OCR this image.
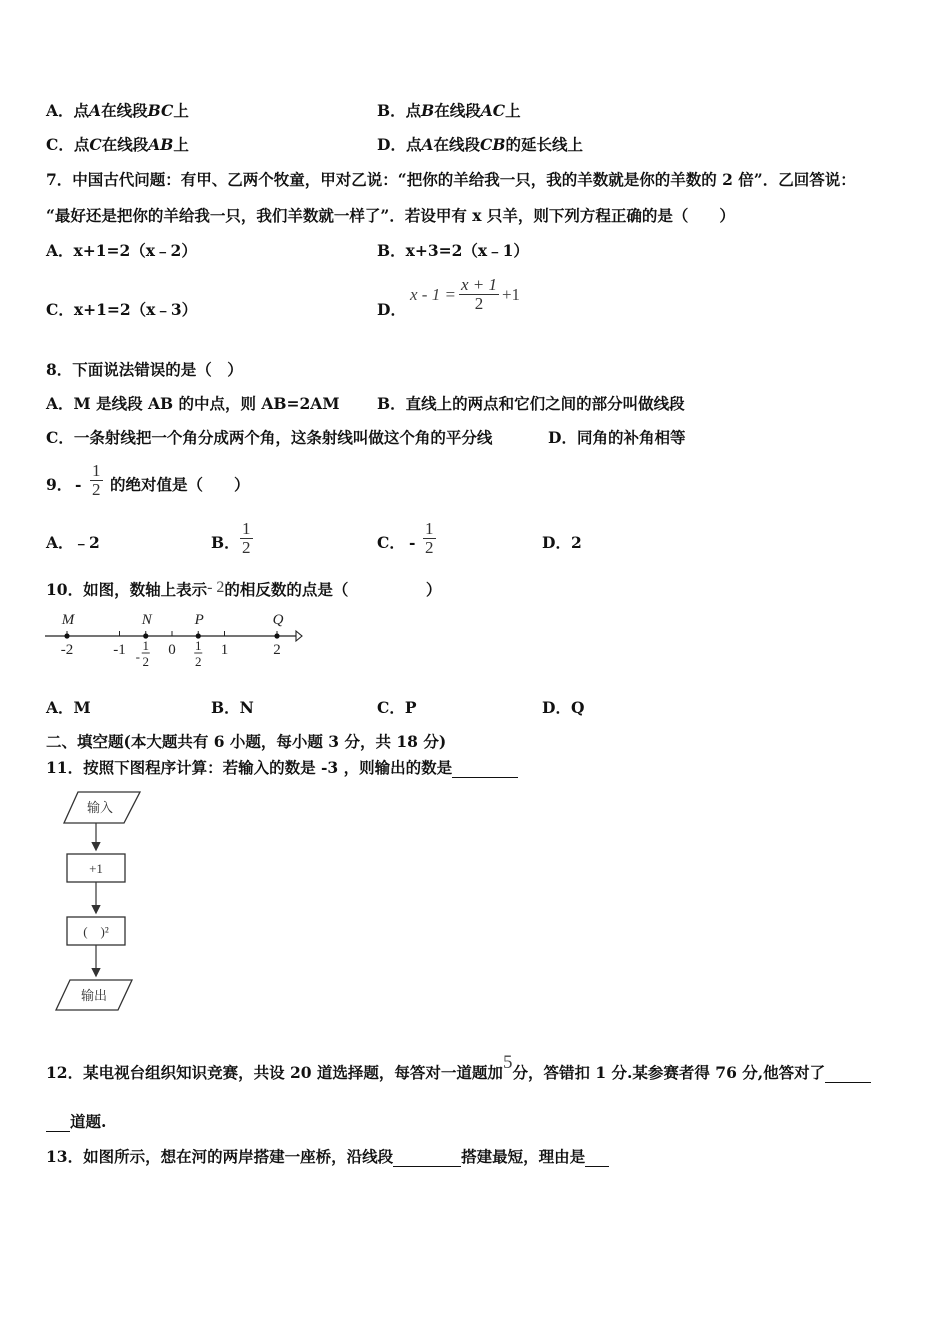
A．点A在线段BC上	B．点B在线段AC上
C．点C在线段AB上	D．点A在线段CB的延长线上
7．中国古代问题：有甲、乙两个牧童，甲对乙说：“把你的羊给我一只，我的羊数就是你的羊数的 2 倍”．乙回答说：
“最好还是把你的羊给我一只，我们羊数就一样了”．若设甲有 x 只羊，则下列方程正确的是（　　）
A．x+1=2（x﹣2）	B．x+3=2（x﹣1）
C．x+1=2（x﹣3）	D．
$x - 1 = \frac{x + 1}{2} +1$
8．下面说法错误的是（　）
A．M 是线段 AB 的中点，则 AB=2AM B．直线上的两点和它们之间的部分叫做线段
C．一条射线把一个角分成两个角，这条射线叫做这个角的平分线	D．同角的补角相等
9． -
1
2 的绝对值是（　　）
A．﹣2	B．
1
2	C． -
1
2	D．2
10．如图，数轴上表示- 2的相反数的点是（　　　　　）
-2	-1 1
2
- 0 1
2
1	2
M	N	P	Q
A．M	B．N	C．P	D．Q
二、填空题(本大题共有 6 小题，每小题 3 分，共 18 分)
11．按照下图程序计算：若输入的数是 -3 ，则输出的数是
输入
+1
(　)²
输出
12．某电视台组织知识竞赛，共设 20 道选择题，每答对一道题加5分，答错扣 1 分.某参赛者得 76 分,他答对了
道题.
13．如图所示，想在河的两岸搭建一座桥，沿线段	搭建最短，理由是
